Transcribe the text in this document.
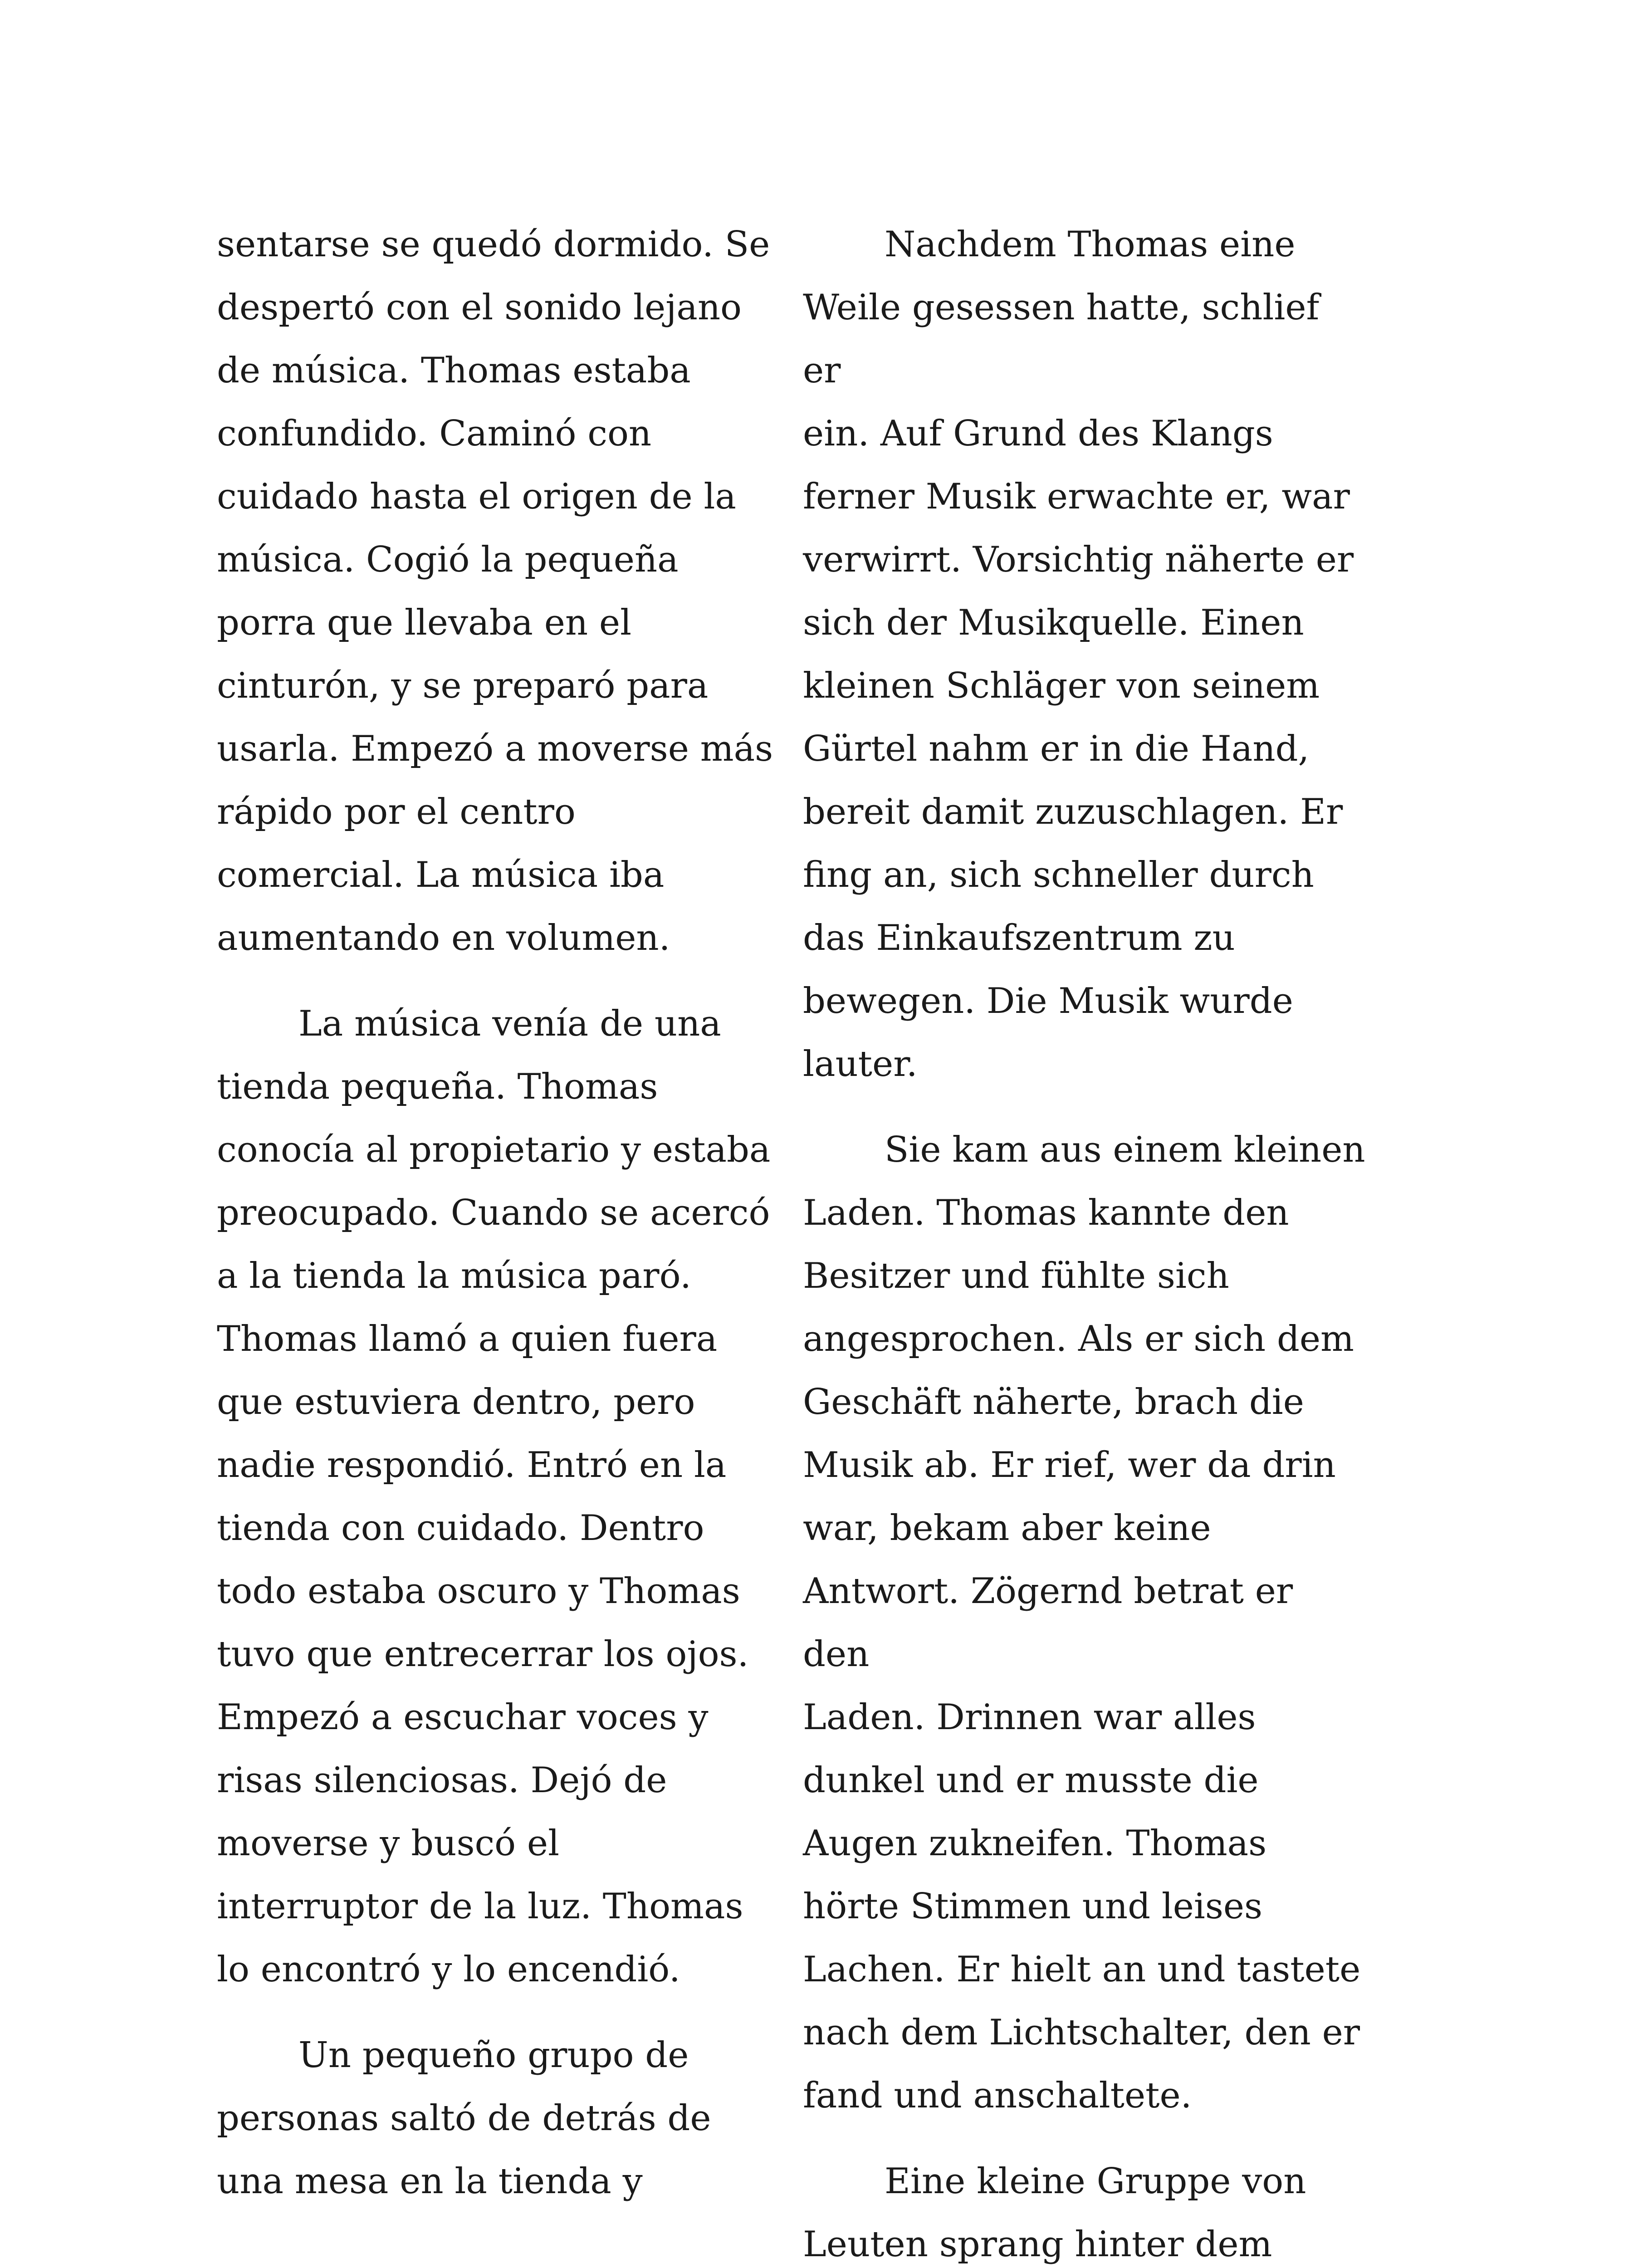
sentarse se quedó dormido. Se
despertó con el sonido lejano
de música. Thomas estaba
confundido. Caminó con
cuidado hasta el origen de la
música. Cogió la pequeña
porra que llevaba en el
cinturón, y se preparó para
usarla. Empezó a moverse más
rápido por el centro
comercial. La música iba
aumentando en volumen.

La música venía de una
tienda pequeña. Thomas
conocía al propietario y estaba
preocupado. Cuando se acercó
a la tienda la música paró.
Thomas llamó a quien fuera
que estuviera dentro, pero
nadie respondió. Entró en la
tienda con cuidado. Dentro
todo estaba oscuro y Thomas
tuvo que entrecerrar los ojos.
Empezó a escuchar voces y
risas silenciosas. Dejó de
moverse y buscó el
interruptor de la luz. Thomas
lo encontró y lo encendió.

Un pequeño grupo de
personas saltó de detrás de
una mesa en la tienda y

Nachdem Thomas eine
Weile gesessen hatte, schlief er
ein. Auf Grund des Klangs
ferner Musik erwachte er, war
verwirrt. Vorsichtig näherte er
sich der Musikquelle. Einen
kleinen Schläger von seinem
Gürtel nahm er in die Hand,
bereit damit zuzuschlagen. Er
fing an, sich schneller durch
das Einkaufszentrum zu
bewegen. Die Musik wurde
lauter.

Sie kam aus einem kleinen
Laden. Thomas kannte den
Besitzer und fühlte sich
angesprochen. Als er sich dem
Geschäft näherte, brach die
Musik ab. Er rief, wer da drin
war, bekam aber keine
Antwort. Zögernd betrat er den
Laden. Drinnen war alles
dunkel und er musste die
Augen zukneifen. Thomas
hörte Stimmen und leises
Lachen. Er hielt an und tastete
nach dem Lichtschalter, den er
fand und anschaltete.

Eine kleine Gruppe von
Leuten sprang hinter dem
